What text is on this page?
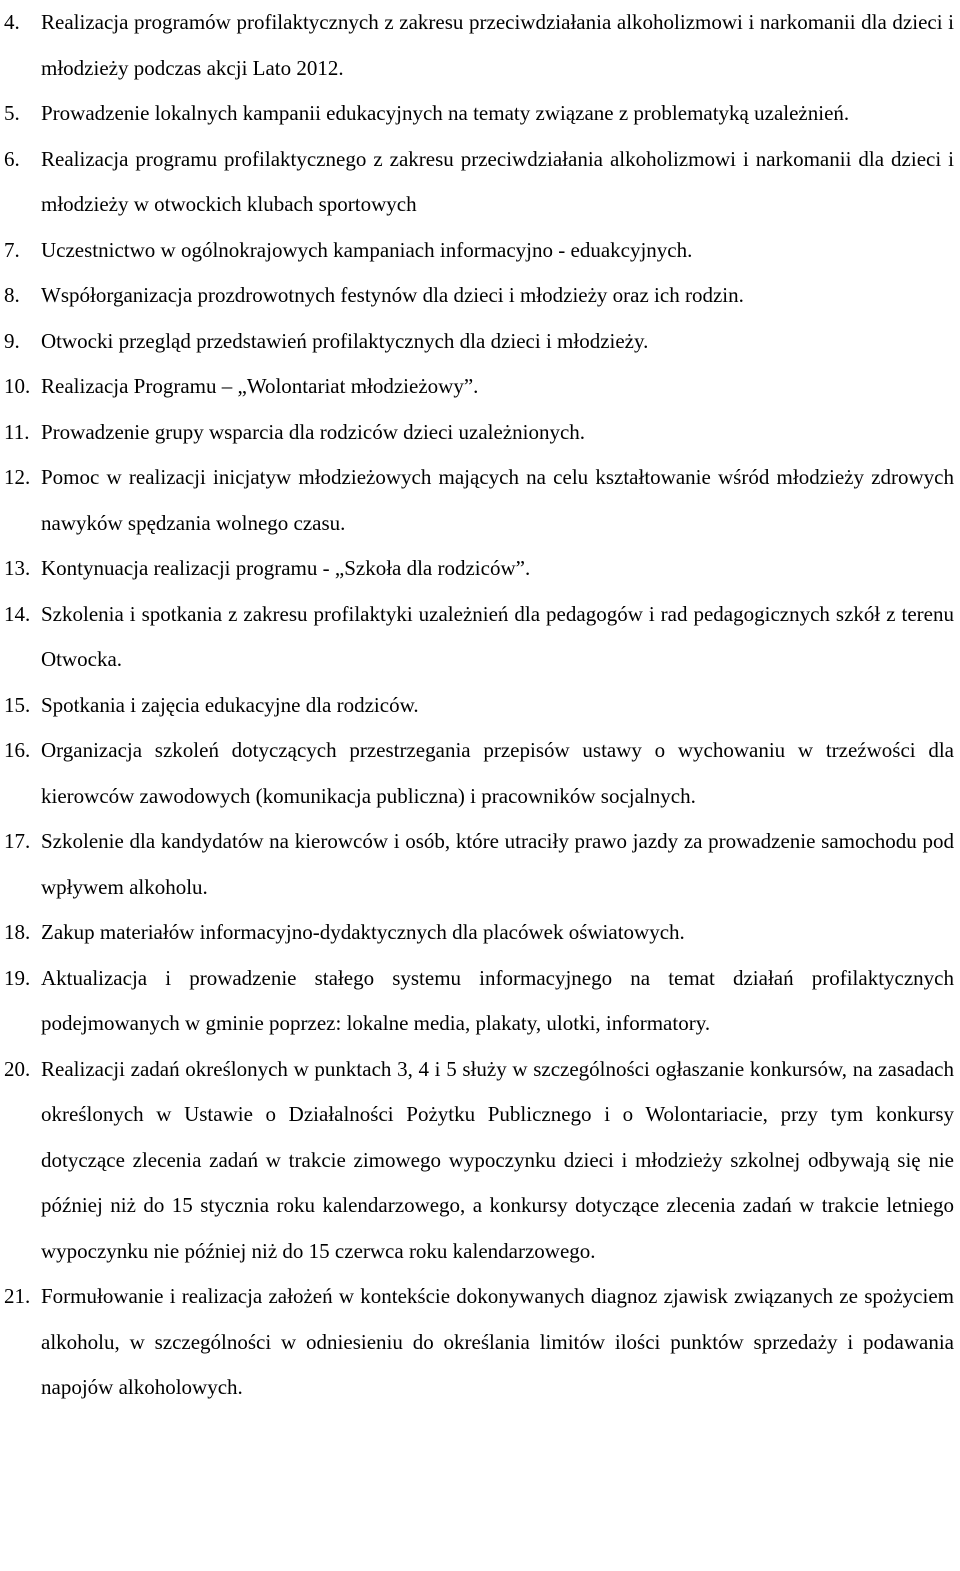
4.	Realizacja programów profilaktycznych z zakresu przeciwdziałania alkoholizmowi i narkomanii dla dzieci i młodzieży podczas akcji Lato 2012.
5.	Prowadzenie lokalnych kampanii edukacyjnych na tematy związane z problematyką uzależnień.
6.	Realizacja programu profilaktycznego z zakresu przeciwdziałania alkoholizmowi i narkomanii dla dzieci i młodzieży w otwockich klubach sportowych
7.	Uczestnictwo w ogólnokrajowych kampaniach informacyjno - eduakcyjnych.
8.	Współorganizacja prozdrowotnych festynów dla dzieci i młodzieży oraz ich rodzin.
9.	Otwocki przegląd przedstawień profilaktycznych dla dzieci i młodzieży.
10. Realizacja Programu – „Wolontariat młodzieżowy”.
11. Prowadzenie grupy wsparcia dla rodziców dzieci uzależnionych.
12. Pomoc w realizacji inicjatyw młodzieżowych mających na celu kształtowanie wśród młodzieży zdrowych nawyków spędzania wolnego czasu.
13. Kontynuacja realizacji programu - „Szkoła dla rodziców”.
14. Szkolenia i spotkania z zakresu profilaktyki uzależnień dla pedagogów i rad pedagogicznych szkół z terenu Otwocka.
15. Spotkania i zajęcia edukacyjne dla rodziców.
16. Organizacja szkoleń dotyczących przestrzegania przepisów ustawy o wychowaniu w trzeźwości dla kierowców zawodowych (komunikacja publiczna) i pracowników socjalnych.
17. Szkolenie dla kandydatów na kierowców i osób, które utraciły prawo jazdy za prowadzenie samochodu pod wpływem alkoholu.
18. Zakup materiałów informacyjno-dydaktycznych dla placówek oświatowych.
19. Aktualizacja i prowadzenie stałego systemu informacyjnego na temat działań profilaktycznych podejmowanych w gminie poprzez: lokalne media, plakaty, ulotki, informatory.
20. Realizacji zadań określonych w punktach 3, 4 i 5 służy w szczególności ogłaszanie konkursów, na zasadach określonych w Ustawie o Działalności Pożytku Publicznego i o Wolontariacie, przy tym konkursy dotyczące zlecenia zadań w trakcie zimowego wypoczynku dzieci i młodzieży szkolnej odbywają się nie później niż do 15 stycznia roku kalendarzowego, a konkursy dotyczące zlecenia zadań w trakcie letniego wypoczynku nie później niż do 15 czerwca roku kalendarzowego.
21. Formułowanie i realizacja założeń w kontekście dokonywanych diagnoz zjawisk związanych ze spożyciem alkoholu, w szczególności w odniesieniu do określania limitów ilości punktów sprzedaży i podawania napojów alkoholowych.
